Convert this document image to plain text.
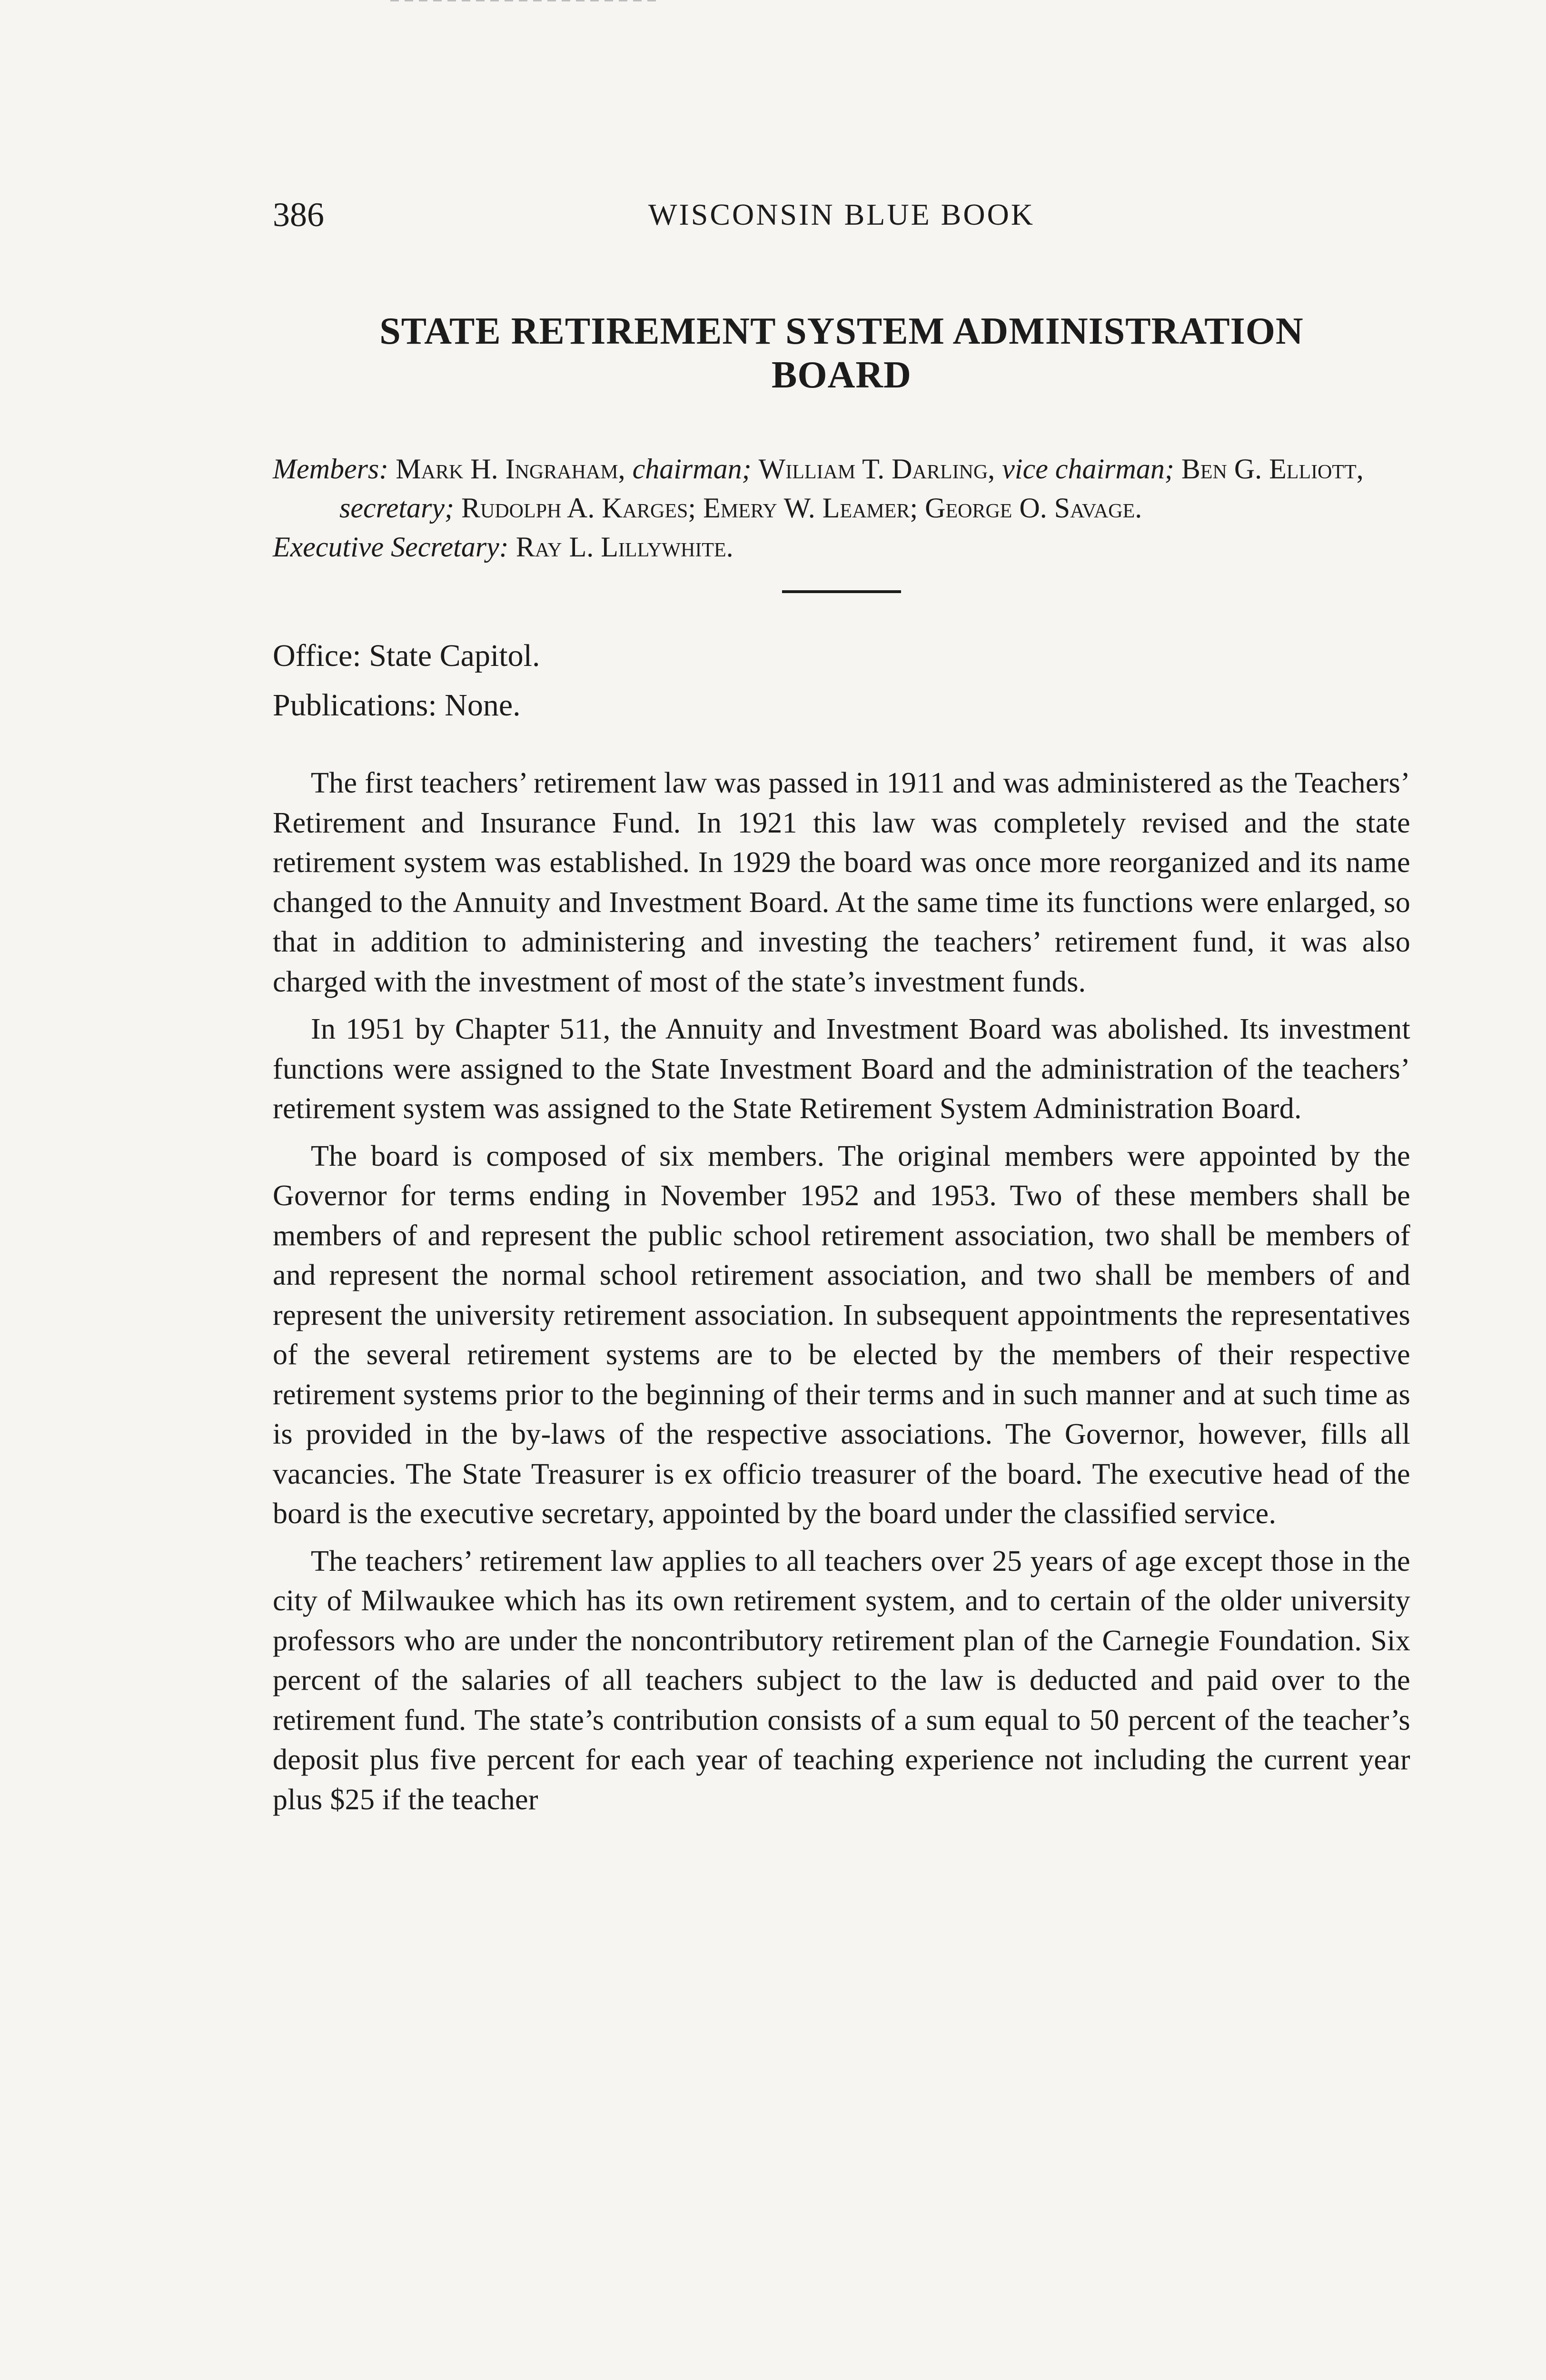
386	WISCONSIN BLUE BOOK
STATE RETIREMENT SYSTEM ADMINISTRATION
BOARD

Members: Mark H. Ingraham, chairman; William T. Darling, vice chairman; Ben G. Elliott, secretary; Rudolph A. Karges; Emery W. Leamer; George O. Savage.

Executive Secretary: Ray L. Lillywhite.

Office: State Capitol.

Publications: None.

The first teachers’ retirement law was passed in 1911 and was administered as the Teachers’ Retirement and Insurance Fund. In 1921 this law was completely revised and the state retirement system was established. In 1929 the board was once more reorganized and its name changed to the Annuity and Investment Board. At the same time its functions were enlarged, so that in addition to administering and investing the teachers’ retirement fund, it was also charged with the investment of most of the state’s investment funds.

In 1951 by Chapter 511, the Annuity and Investment Board was abolished. Its investment functions were assigned to the State Investment Board and the administration of the teachers’ retirement system was assigned to the State Retirement System Administration Board.

The board is composed of six members. The original members were appointed by the Governor for terms ending in November 1952 and 1953. Two of these members shall be members of and represent the public school retirement association, two shall be members of and represent the normal school retirement association, and two shall be members of and represent the university retirement association. In subsequent appointments the representatives of the several retirement systems are to be elected by the members of their respective retirement systems prior to the beginning of their terms and in such manner and at such time as is provided in the by-laws of the respective associations. The Governor, however, fills all vacancies. The State Treasurer is ex officio treasurer of the board. The executive head of the board is the executive secretary, appointed by the board under the classified service.

The teachers’ retirement law applies to all teachers over 25 years of age except those in the city of Milwaukee which has its own retirement system, and to certain of the older university professors who are under the noncontributory retirement plan of the Carnegie Foundation. Six percent of the salaries of all teachers subject to the law is deducted and paid over to the retirement fund. The state’s contribution consists of a sum equal to 50 percent of the teacher’s deposit plus five percent for each year of teaching experience not including the current year plus $25 if the teacher
